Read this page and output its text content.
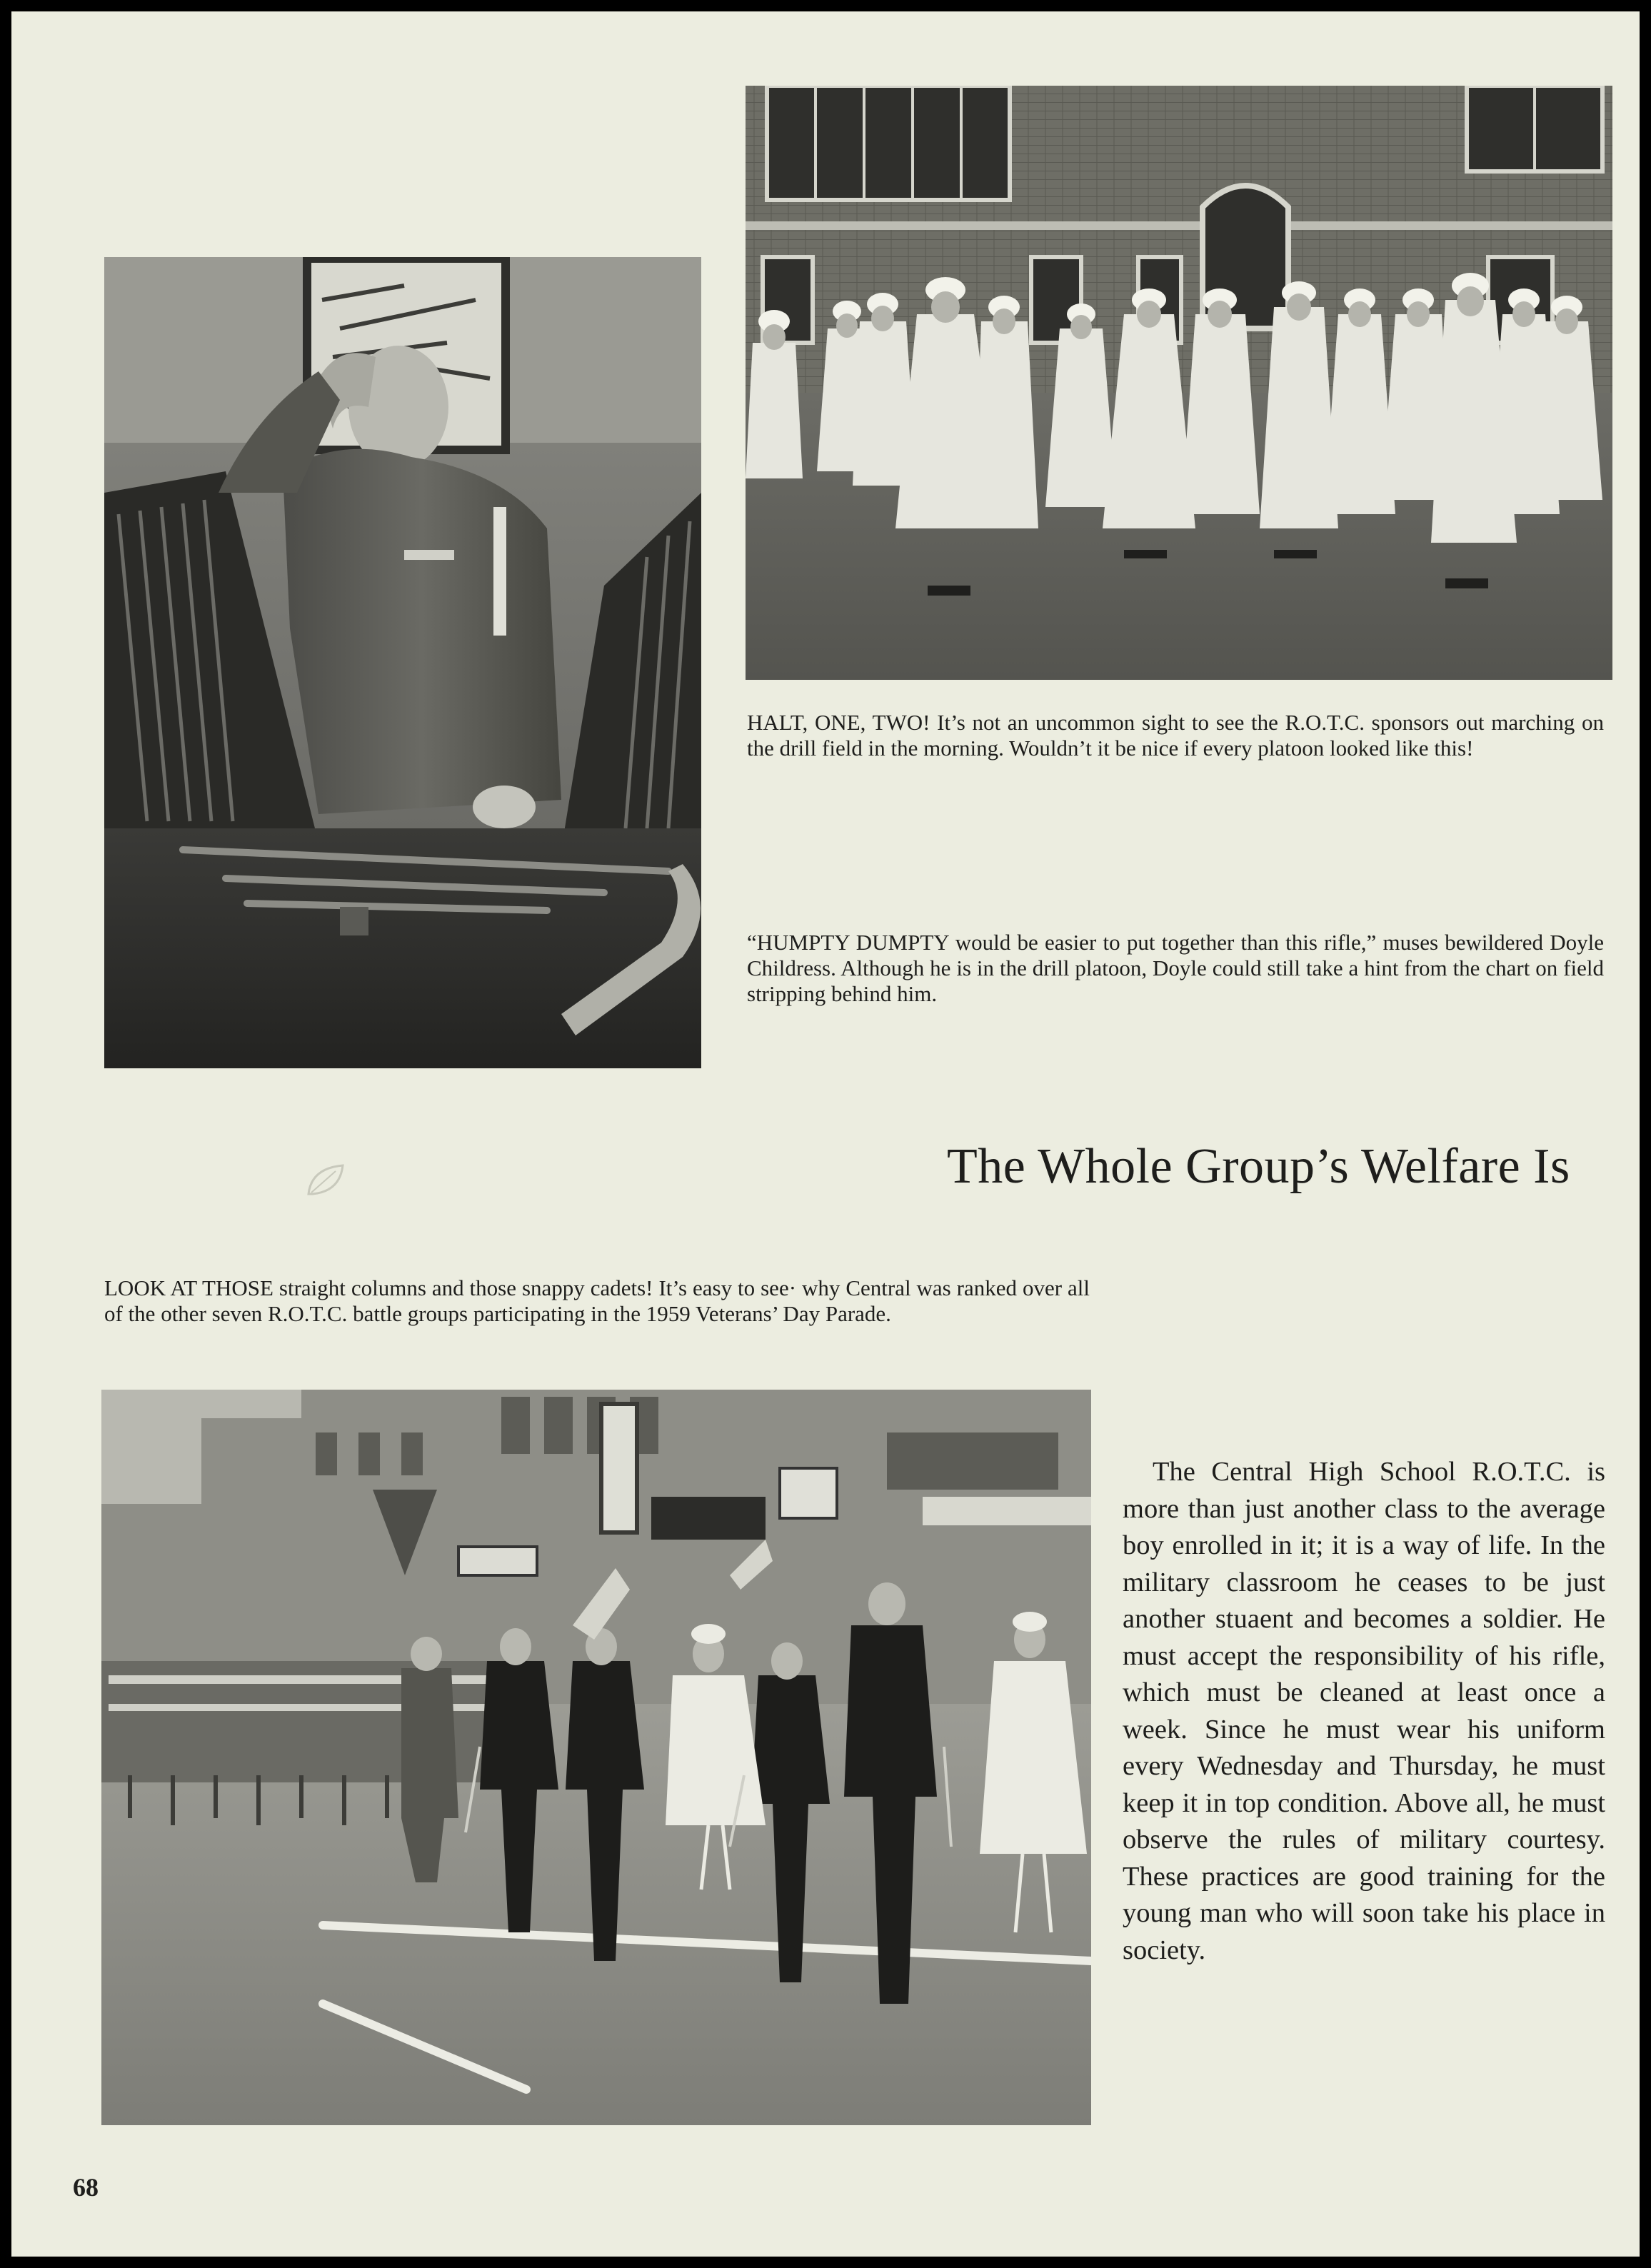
HALT, ONE, TWO! It’s not an uncommon sight to see the R.O.T.C. sponsors out marching on the drill field in the morning. Wouldn’t it be nice if every platoon looked like this!
“HUMPTY DUMPTY would be easier to put together than this rifle,” muses bewildered Doyle Childress. Although he is in the drill platoon, Doyle could still take a hint from the chart on field stripping behind him.
The Whole Group’s Welfare Is
LOOK AT THOSE straight columns and those snappy cadets! It’s easy to see· why Central was ranked over all of the other seven R.O.T.C. battle groups participating in the 1959 Veterans’ Day Parade.
The Central High School R.O.T.C. is more than just another class to the average boy enrolled in it; it is a way of life. In the military classroom he ceases to be just another stuaent and becomes a soldier. He must accept the responsibility of his rifle, which must be cleaned at least once a week. Since he must wear his uniform every Wednesday and Thursday, he must keep it in top condition. Above all, he must observe the rules of military courtesy. These practices are good training for the young man who will soon take his place in society.
68
